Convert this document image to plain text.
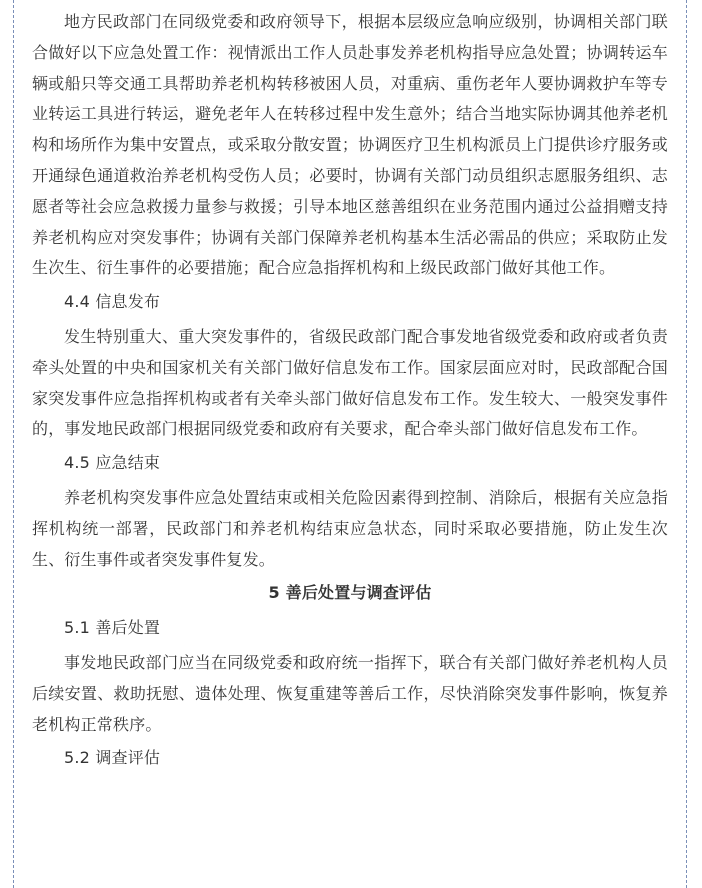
地方民政部门在同级党委和政府领导下，根据本层级应急响应级别，协调相关部门联合做好以下应急处置工作：视情派出工作人员赴事发养老机构指导应急处置；协调转运车辆或船只等交通工具帮助养老机构转移被困人员，对重病、重伤老年人要协调救护车等专业转运工具进行转运，避免老年人在转移过程中发生意外；结合当地实际协调其他养老机构和场所作为集中安置点，或采取分散安置；协调医疗卫生机构派员上门提供诊疗服务或开通绿色通道救治养老机构受伤人员；必要时，协调有关部门动员组织志愿服务组织、志愿者等社会应急救援力量参与救援；引导本地区慈善组织在业务范围内通过公益捐赠支持养老机构应对突发事件；协调有关部门保障养老机构基本生活必需品的供应；采取防止发生次生、衍生事件的必要措施；配合应急指挥机构和上级民政部门做好其他工作。

4.4 信息发布

发生特别重大、重大突发事件的，省级民政部门配合事发地省级党委和政府或者负责牵头处置的中央和国家机关有关部门做好信息发布工作。国家层面应对时，民政部配合国家突发事件应急指挥机构或者有关牵头部门做好信息发布工作。发生较大、一般突发事件的，事发地民政部门根据同级党委和政府有关要求，配合牵头部门做好信息发布工作。

4.5 应急结束

养老机构突发事件应急处置结束或相关危险因素得到控制、消除后，根据有关应急指挥机构统一部署，民政部门和养老机构结束应急状态，同时采取必要措施，防止发生次生、衍生事件或者突发事件复发。

5 善后处置与调查评估

5.1 善后处置

事发地民政部门应当在同级党委和政府统一指挥下，联合有关部门做好养老机构人员后续安置、救助抚慰、遗体处理、恢复重建等善后工作，尽快消除突发事件影响，恢复养老机构正常秩序。

5.2 调查评估
